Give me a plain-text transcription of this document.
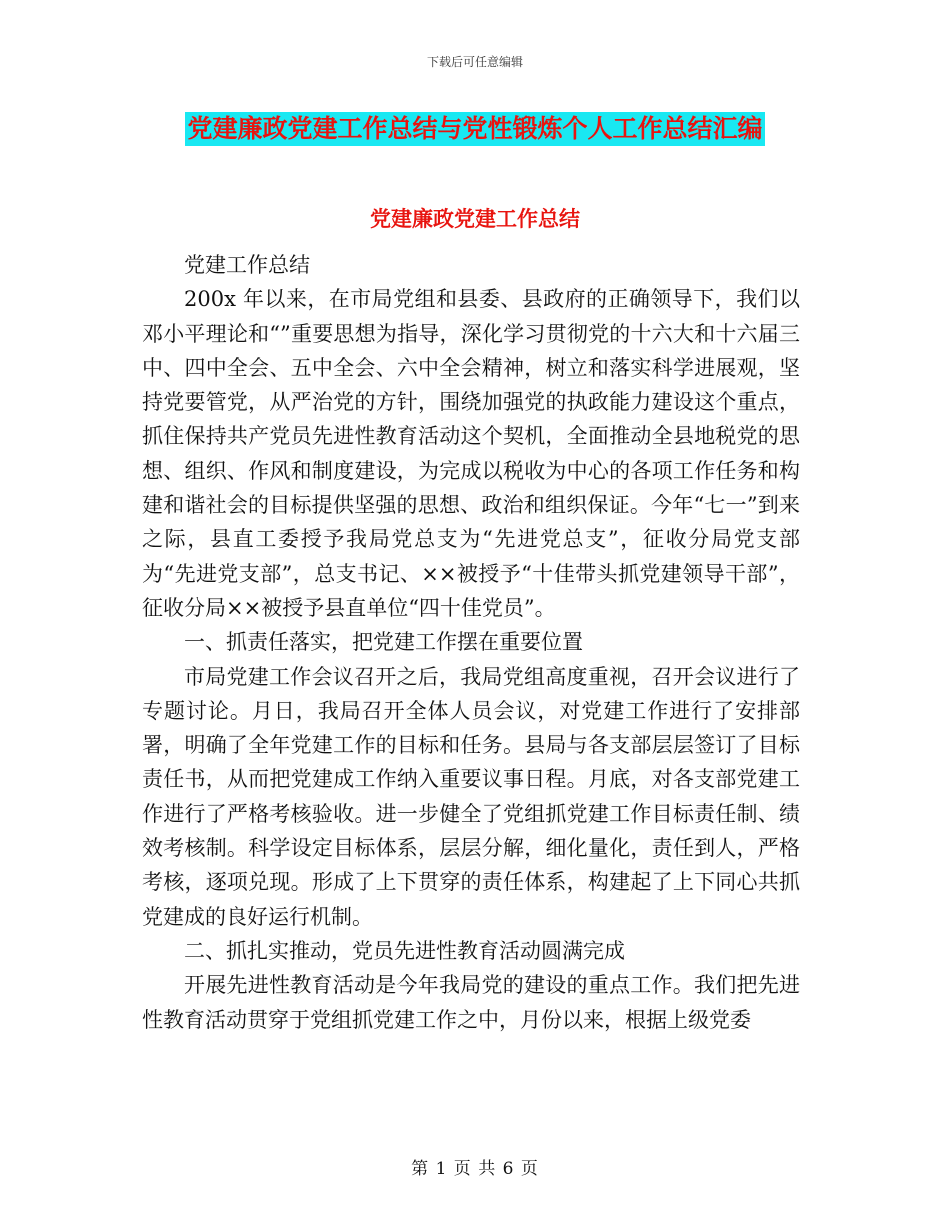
下载后可任意编辑
党建廉政党建工作总结与党性锻炼个人工作总结汇编
党建廉政党建工作总结

党建工作总结

200x 年以来，在市局党组和县委、县政府的正确领导下，我们以邓小平理论和“”重要思想为指导，深化学习贯彻党的十六大和十六届三中、四中全会、五中全会、六中全会精神，树立和落实科学进展观，坚持党要管党，从严治党的方针，围绕加强党的执政能力建设这个重点，抓住保持共产党员先进性教育活动这个契机，全面推动全县地税党的思想、组织、作风和制度建设，为完成以税收为中心的各项工作任务和构建和谐社会的目标提供坚强的思想、政治和组织保证。今年“七一”到来之际，县直工委授予我局党总支为“先进党总支”，征收分局党支部为“先进党支部”，总支书记、××被授予“十佳带头抓党建领导干部”，征收分局××被授予县直单位“四十佳党员”。

一、抓责任落实，把党建工作摆在重要位置

市局党建工作会议召开之后，我局党组高度重视，召开会议进行了专题讨论。月日，我局召开全体人员会议，对党建工作进行了安排部署，明确了全年党建工作的目标和任务。县局与各支部层层签订了目标责任书，从而把党建成工作纳入重要议事日程。月底，对各支部党建工作进行了严格考核验收。进一步健全了党组抓党建工作目标责任制、绩效考核制。科学设定目标体系，层层分解，细化量化，责任到人，严格考核，逐项兑现。形成了上下贯穿的责任体系，构建起了上下同心共抓党建成的良好运行机制。

二、抓扎实推动，党员先进性教育活动圆满完成

开展先进性教育活动是今年我局党的建设的重点工作。我们把先进性教育活动贯穿于党组抓党建工作之中，月份以来，根据上级党委

第 1 页 共 6 页
